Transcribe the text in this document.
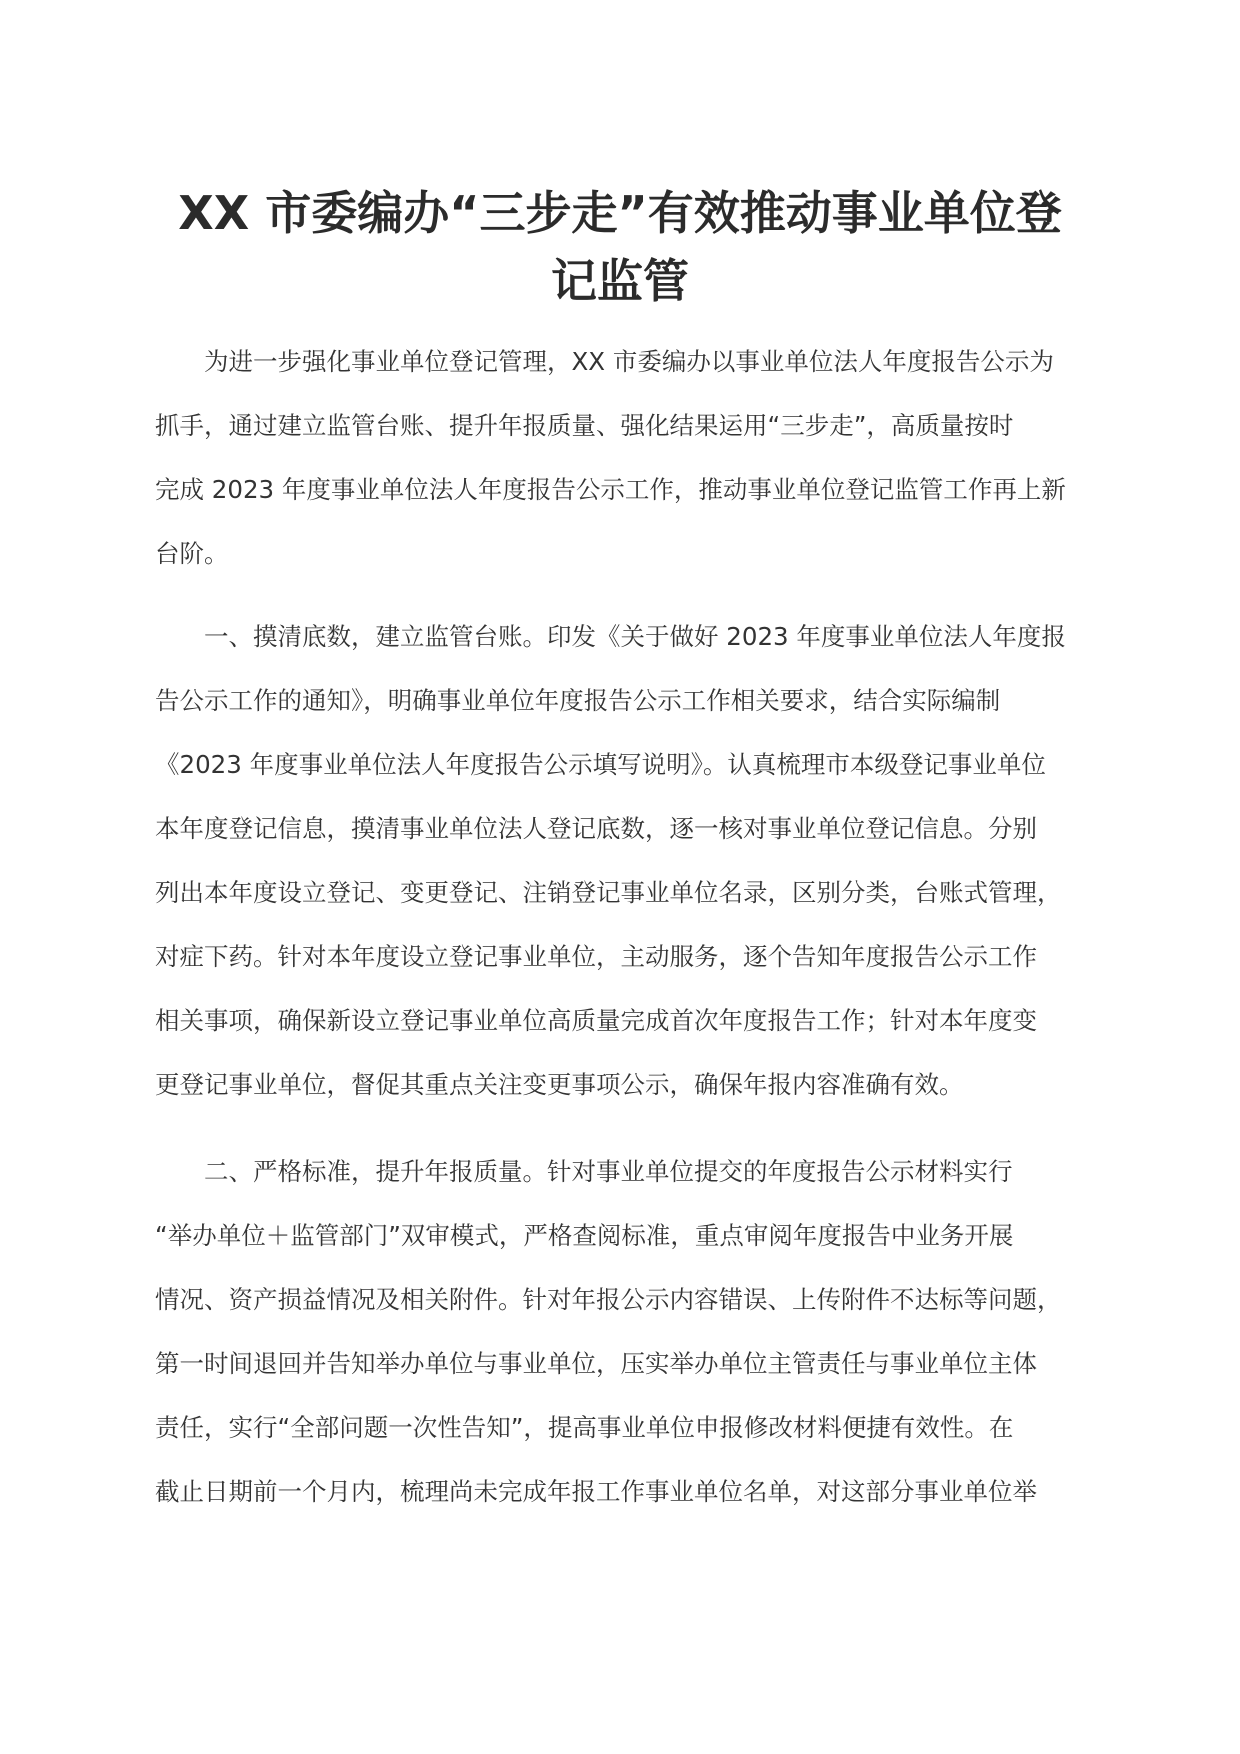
XX 市委编办“三步走”有效推动事业单位登
记监管
　　为进一步强化事业单位登记管理，XX 市委编办以事业单位法人年度报告公示为
抓手，通过建立监管台账、提升年报质量、强化结果运用“三步走”，高质量按时
完成 2023 年度事业单位法人年度报告公示工作，推动事业单位登记监管工作再上新
台阶。
　　一、摸清底数，建立监管台账。印发《关于做好 2023 年度事业单位法人年度报
告公示工作的通知》，明确事业单位年度报告公示工作相关要求，结合实际编制
《2023 年度事业单位法人年度报告公示填写说明》。认真梳理市本级登记事业单位
本年度登记信息，摸清事业单位法人登记底数，逐一核对事业单位登记信息。分别
列出本年度设立登记、变更登记、注销登记事业单位名录，区别分类，台账式管理，
对症下药。针对本年度设立登记事业单位，主动服务，逐个告知年度报告公示工作
相关事项，确保新设立登记事业单位高质量完成首次年度报告工作；针对本年度变
更登记事业单位，督促其重点关注变更事项公示，确保年报内容准确有效。
　　二、严格标准，提升年报质量。针对事业单位提交的年度报告公示材料实行
“举办单位＋监管部门”双审模式，严格查阅标准，重点审阅年度报告中业务开展
情况、资产损益情况及相关附件。针对年报公示内容错误、上传附件不达标等问题，
第一时间退回并告知举办单位与事业单位，压实举办单位主管责任与事业单位主体
责任，实行“全部问题一次性告知”，提高事业单位申报修改材料便捷有效性。在
截止日期前一个月内，梳理尚未完成年报工作事业单位名单，对这部分事业单位举
